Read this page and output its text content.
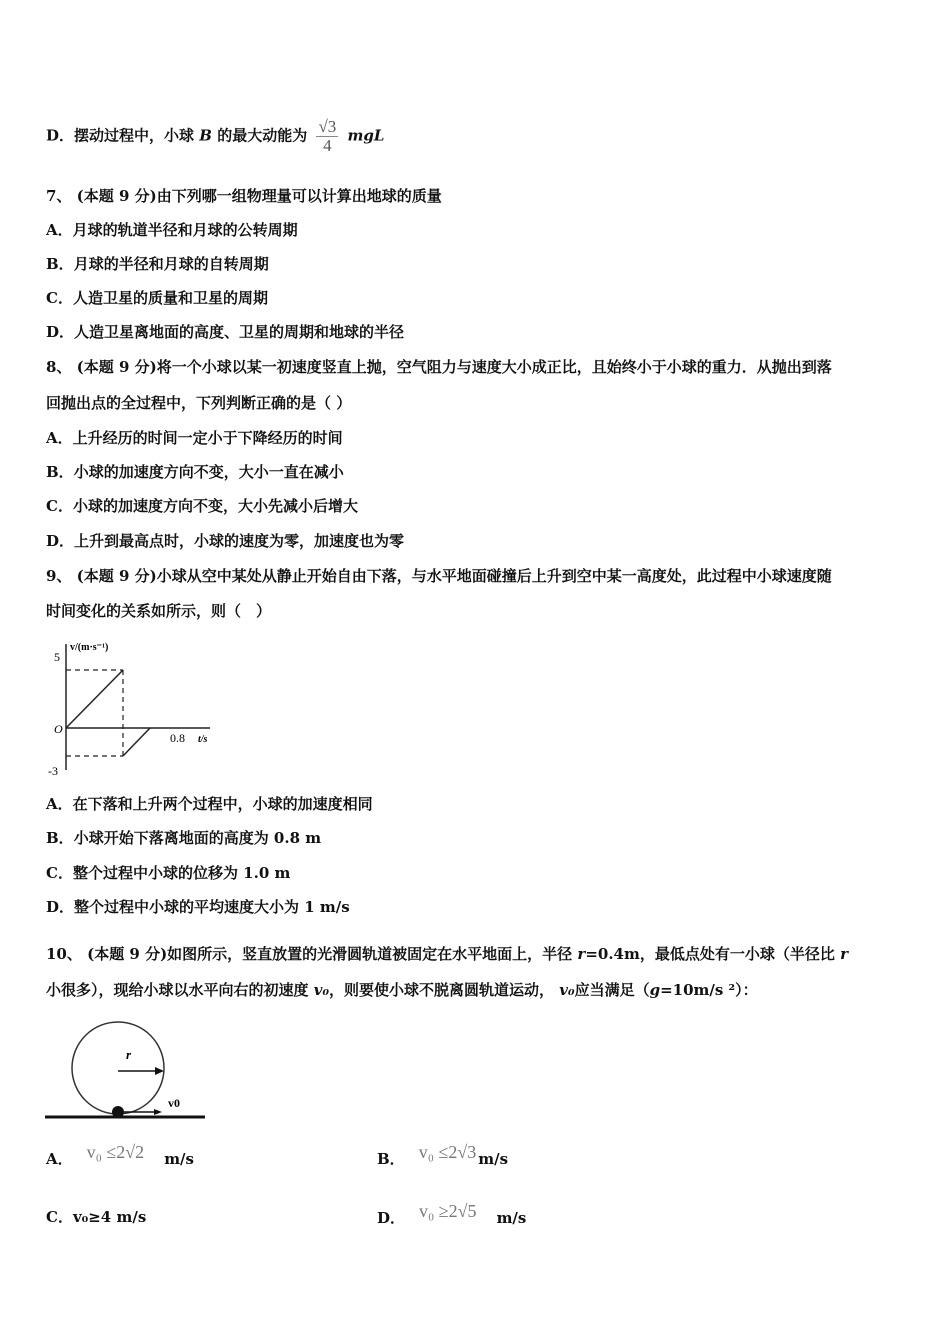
D．摆动过程中，小球 B 的最大动能为 $\frac{√3}{4}$ mgL
7、 (本题 9 分)由下列哪一组物理量可以计算出地球的质量
A．月球的轨道半径和月球的公转周期
B．月球的半径和月球的自转周期
C．人造卫星的质量和卫星的周期
D．人造卫星离地面的高度、卫星的周期和地球的半径
8、 (本题 9 分)将一个小球以某一初速度竖直上抛，空气阻力与速度大小成正比，且始终小于小球的重力．从抛出到落
回抛出点的全过程中，下列判断正确的是（ ）
A．上升经历的时间一定小于下降经历的时间
B．小球的加速度方向不变，大小一直在减小
C．小球的加速度方向不变，大小先减小后增大
D．上升到最高点时，小球的速度为零，加速度也为零
9、 (本题 9 分)小球从空中某处从静止开始自由下落，与水平地面碰撞后上升到空中某一高度处，此过程中小球速度随
时间变化的关系如所示，则（　）
v/(m·s⁻¹)
5
-3
O
0.8 t/s
A．在下落和上升两个过程中，小球的加速度相同
B．小球开始下落离地面的高度为 0.8 m
C．整个过程中小球的位移为 1.0 m
D．整个过程中小球的平均速度大小为 1 m/s
10、 (本题 9 分)如图所示，竖直放置的光滑圆轨道被固定在水平地面上，半径 r=0.4m，最低点处有一小球（半径比 r
小很多），现给小球以水平向右的初速度 v₀，则要使小球不脱离圆轨道运动， v₀应当满足（g=10m/s ²）：
r
v0
A． v₀ ≤2√2 m/s	B． v₀ ≤2√3 m/s
C．v₀≥4 m/s	D． v₀ ≥2√5 m/s
